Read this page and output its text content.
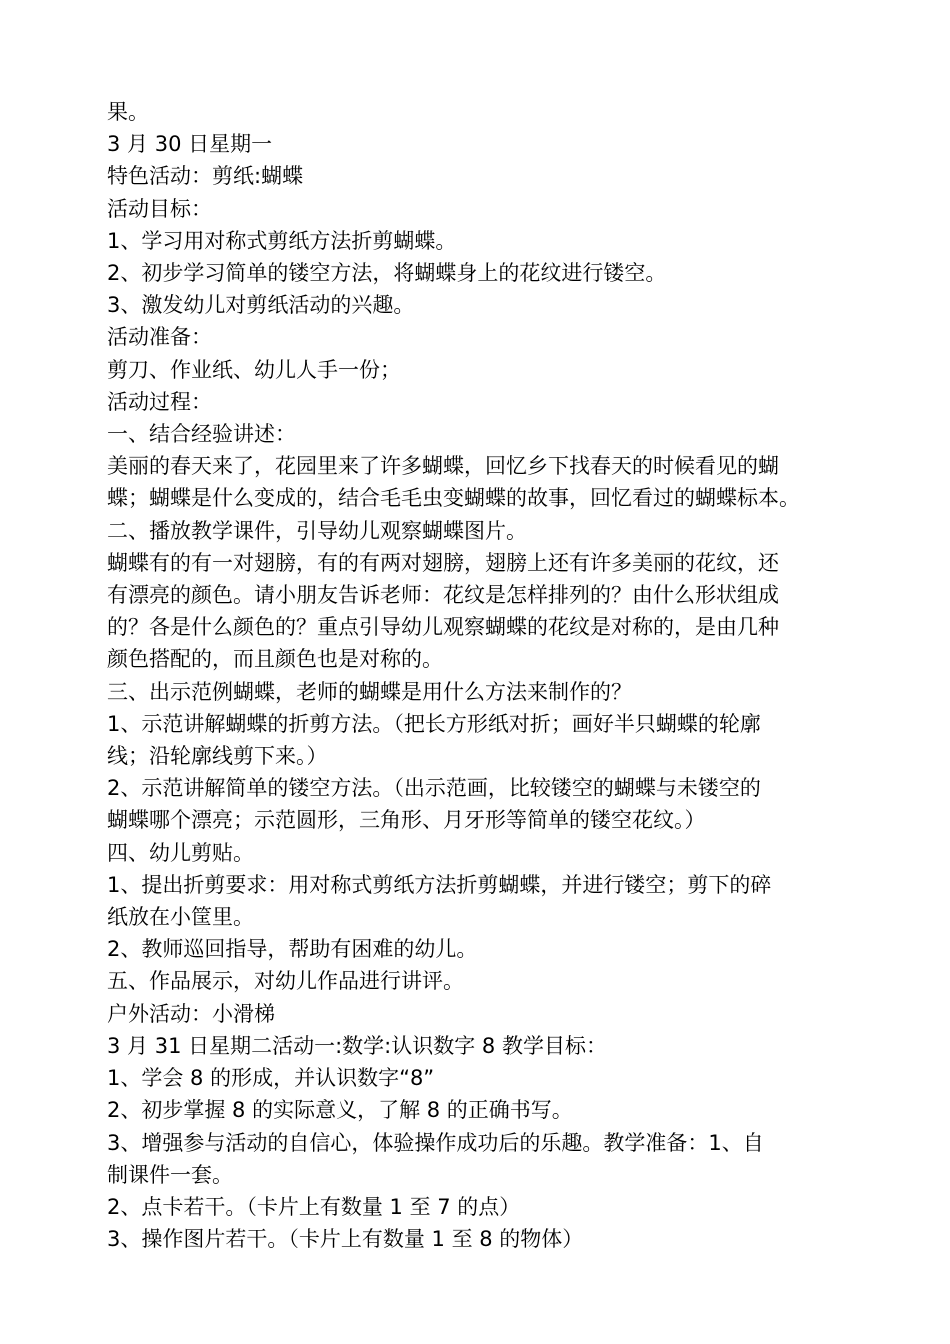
果。

3 月 30 日星期一

特色活动：剪纸:蝴蝶

活动目标：

1、学习用对称式剪纸方法折剪蝴蝶。

2、初步学习简单的镂空方法，将蝴蝶身上的花纹进行镂空。

3、激发幼儿对剪纸活动的兴趣。

活动准备：

剪刀、作业纸、幼儿人手一份；

活动过程：

一、结合经验讲述：

美丽的春天来了，花园里来了许多蝴蝶，回忆乡下找春天的时候看见的蝴

蝶；蝴蝶是什么变成的，结合毛毛虫变蝴蝶的故事，回忆看过的蝴蝶标本。

二、播放教学课件，引导幼儿观察蝴蝶图片。

蝴蝶有的有一对翅膀，有的有两对翅膀，翅膀上还有许多美丽的花纹，还

有漂亮的颜色。请小朋友告诉老师：花纹是怎样排列的？由什么形状组成

的？各是什么颜色的？重点引导幼儿观察蝴蝶的花纹是对称的，是由几种

颜色搭配的，而且颜色也是对称的。

三、出示范例蝴蝶，老师的蝴蝶是用什么方法来制作的？

1、示范讲解蝴蝶的折剪方法。（把长方形纸对折；画好半只蝴蝶的轮廓

线；沿轮廓线剪下来。）

2、示范讲解简单的镂空方法。（出示范画，比较镂空的蝴蝶与未镂空的

蝴蝶哪个漂亮；示范圆形，三角形、月牙形等简单的镂空花纹。）

四、幼儿剪贴。

1、提出折剪要求：用对称式剪纸方法折剪蝴蝶，并进行镂空；剪下的碎

纸放在小筐里。

2、教师巡回指导，帮助有困难的幼儿。

五、作品展示，对幼儿作品进行讲评。

户外活动：小滑梯

3 月 31 日星期二活动一:数学:认识数字 8 教学目标：

1、学会 8 的形成，并认识数字“8”

2、初步掌握 8 的实际意义，了解 8 的正确书写。

3、增强参与活动的自信心，体验操作成功后的乐趣。教学准备：1、自

制课件一套。

2、点卡若干。（卡片上有数量 1 至 7 的点）

3、操作图片若干。（卡片上有数量 1 至 8 的物体）
